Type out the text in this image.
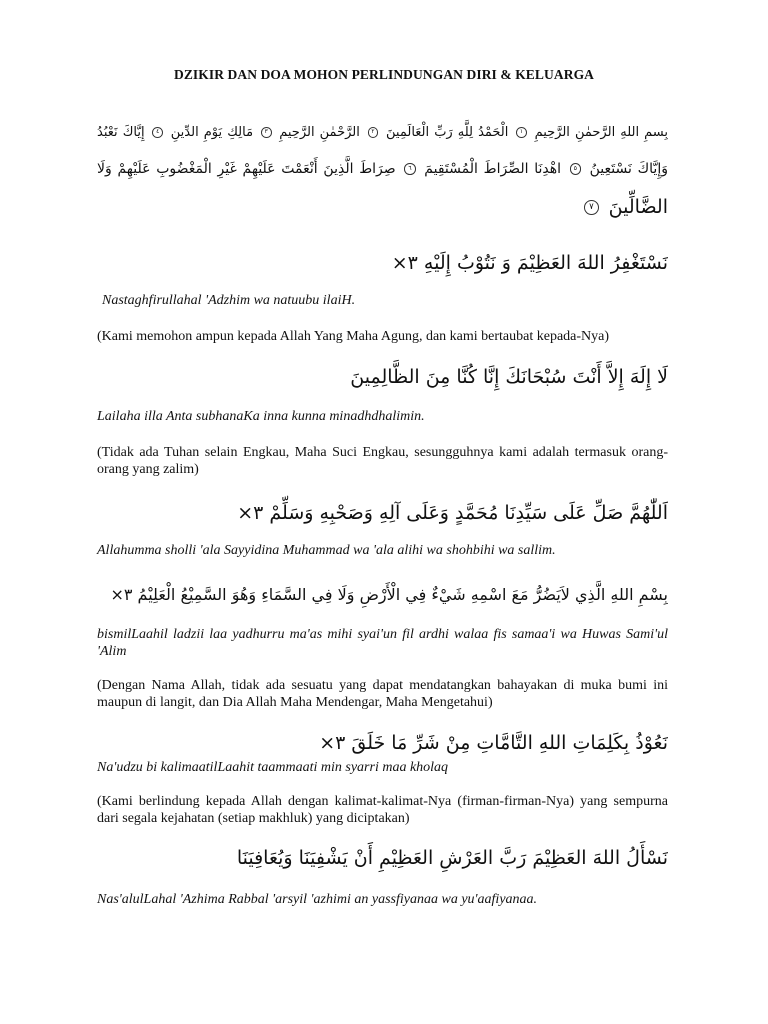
DZIKIR DAN DOA MOHON PERLINDUNGAN DIRI & KELUARGA
بِسمِ اللهِ الرَّحمٰنِ الرَّحِيمِ
١
الْحَمْدُ لِلَّهِ رَبِّ الْعَالَمِينَ
٢
الرَّحْمٰنِ الرَّحِيمِ
٣
مَالِكِ يَوْمِ الدِّينِ
٤
إِيَّاكَ نَعْبُدُ
وَإِيَّاكَ نَسْتَعِينُ
٥
اهْدِنَا الصِّرَاطَ الْمُسْتَقِيمَ
٦
صِرَاطَ الَّذِينَ أَنْعَمْتَ عَلَيْهِمْ غَيْرِ الْمَغْضُوبِ عَلَيْهِمْ وَلَا
الضَّالِّينَ
٧
نَسْتَغْفِرُ اللهَ العَظِيْمَ وَ نَتُوْبُ إِلَيْهِ ٣×
Nastaghfirullahal 'Adzhim wa natuubu ilaiH.
(Kami memohon ampun kepada Allah Yang Maha Agung, dan kami bertaubat kepada-Nya)
لَا إِلَهَ إِلاَّ أَنْتَ سُبْحَانَكَ إِنَّا كُنَّا مِنَ الظَّالِمِينَ
Lailaha illa Anta subhanaKa inna kunna minadhdhalimin.
(Tidak ada Tuhan selain Engkau, Maha Suci Engkau, sesungguhnya kami adalah termasuk orang-orang yang zalim)
اَللّٰهُمَّ صَلِّ عَلَى سَيِّدِنَا مُحَمَّدٍ وَعَلَى آلِهِ وَصَحْبِهِ وَسَلِّمْ ٣×
Allahumma sholli 'ala Sayyidina Muhammad wa 'ala alihi wa shohbihi wa sallim.
بِسْمِ اللهِ الَّذِي لاَيَضُرُّ مَعَ اسْمِهِ شَيْءٌ فِي الْأَرْضِ وَلَا فِي السَّمَاءِ وَهُوَ السَّمِيْعُ الْعَلِيْمُ ٣×
bismilLaahil ladzii laa yadhurru ma'as mihi syai'un fil ardhi walaa fis samaa'i wa Huwas Sami'ul 'Alim
(Dengan Nama Allah, tidak ada sesuatu yang dapat mendatangkan bahayakan di muka bumi ini maupun di langit, dan Dia Allah Maha Mendengar, Maha Mengetahui)
نَعُوْذُ بِكَلِمَاتِ اللهِ التَّامَّاتِ مِنْ شَرِّ مَا خَلَقَ ٣×
Na'udzu bi kalimaatilLaahit taammaati min syarri maa kholaq
(Kami berlindung kepada Allah dengan kalimat-kalimat-Nya (firman-firman-Nya) yang sempurna dari segala kejahatan (setiap makhluk) yang diciptakan)
نَسْأَلُ اللهَ العَظِيْمَ رَبَّ العَرْشِ العَظِيْمِ أَنْ يَشْفِيَنَا وَيُعَافِيَنَا
Nas'alulLahal 'Azhima Rabbal 'arsyil 'azhimi an yassfiyanaa wa yu'aafiyanaa.
